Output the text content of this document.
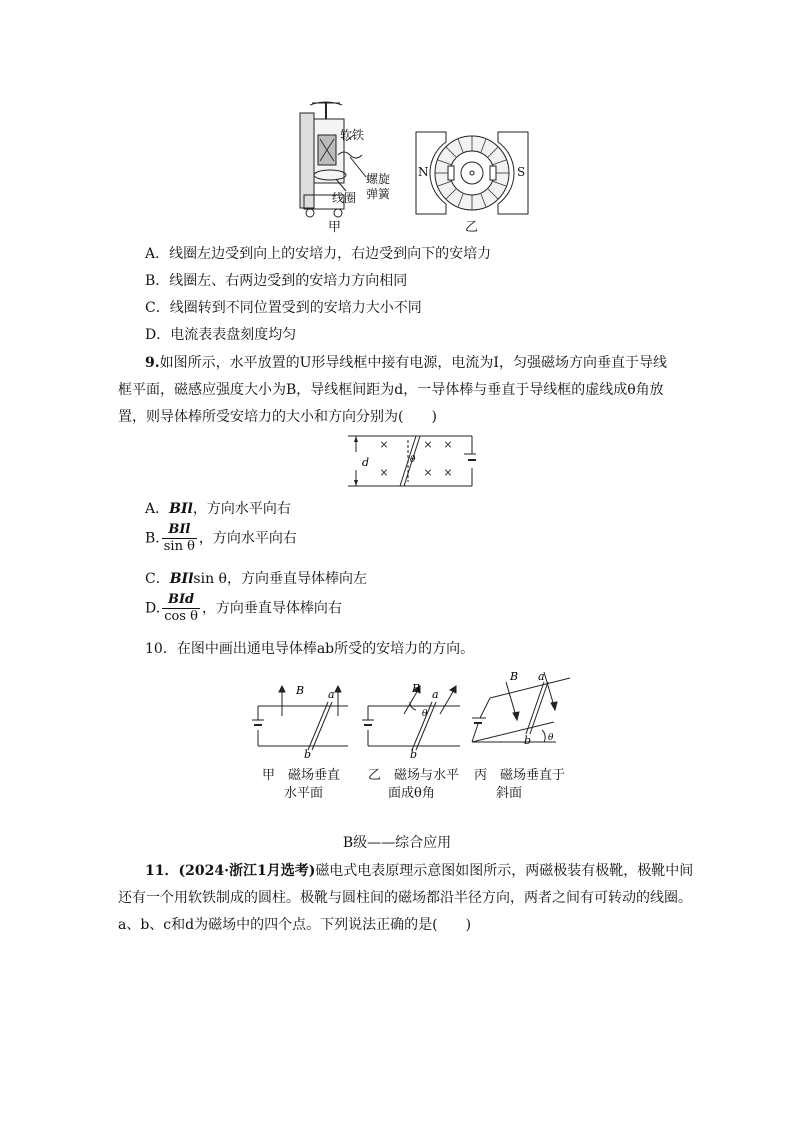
软铁
螺旋
弹簧
线圈
甲
N	S
乙
A．线圈左边受到向上的安培力，右边受到向下的安培力
B．线圈左、右两边受到的安培力方向相同
C．线圈转到不同位置受到的安培力大小不同
D．电流表表盘刻度均匀
9.如图所示，水平放置的U形导线框中接有电源，电流为I，匀强磁场方向垂直于导线
框平面，磁感应强度大小为B，导线框间距为d，一导体棒与垂直于导线框的虚线成θ角放
置，则导体棒所受安培力的大小和方向分别为(　　)
×	× ×
×	× ×
d	θ
A．BIl，方向水平向右
B. $\frac{\text{BIl}}{\text{sin θ}}$ ，方向水平向右
C．BIlsin θ，方向垂直导体棒向左
D. $\frac{\text{BId}}{\text{cos θ}}$ ，方向垂直导体棒向右
10．在图中画出通电导体棒ab所受的安培力的方向。
B a
b
B a
θ
b
B a
b θ
甲　磁场垂直
水平面
乙　磁场与水平
面成θ角
丙　磁场垂直于
斜面
B级——综合应用
11．(2024·浙江1月选考)磁电式电表原理示意图如图所示，两磁极装有极靴，极靴中间
还有一个用软铁制成的圆柱。极靴与圆柱间的磁场都沿半径方向，两者之间有可转动的线圈。
a、b、c和d为磁场中的四个点。下列说法正确的是(　　)
